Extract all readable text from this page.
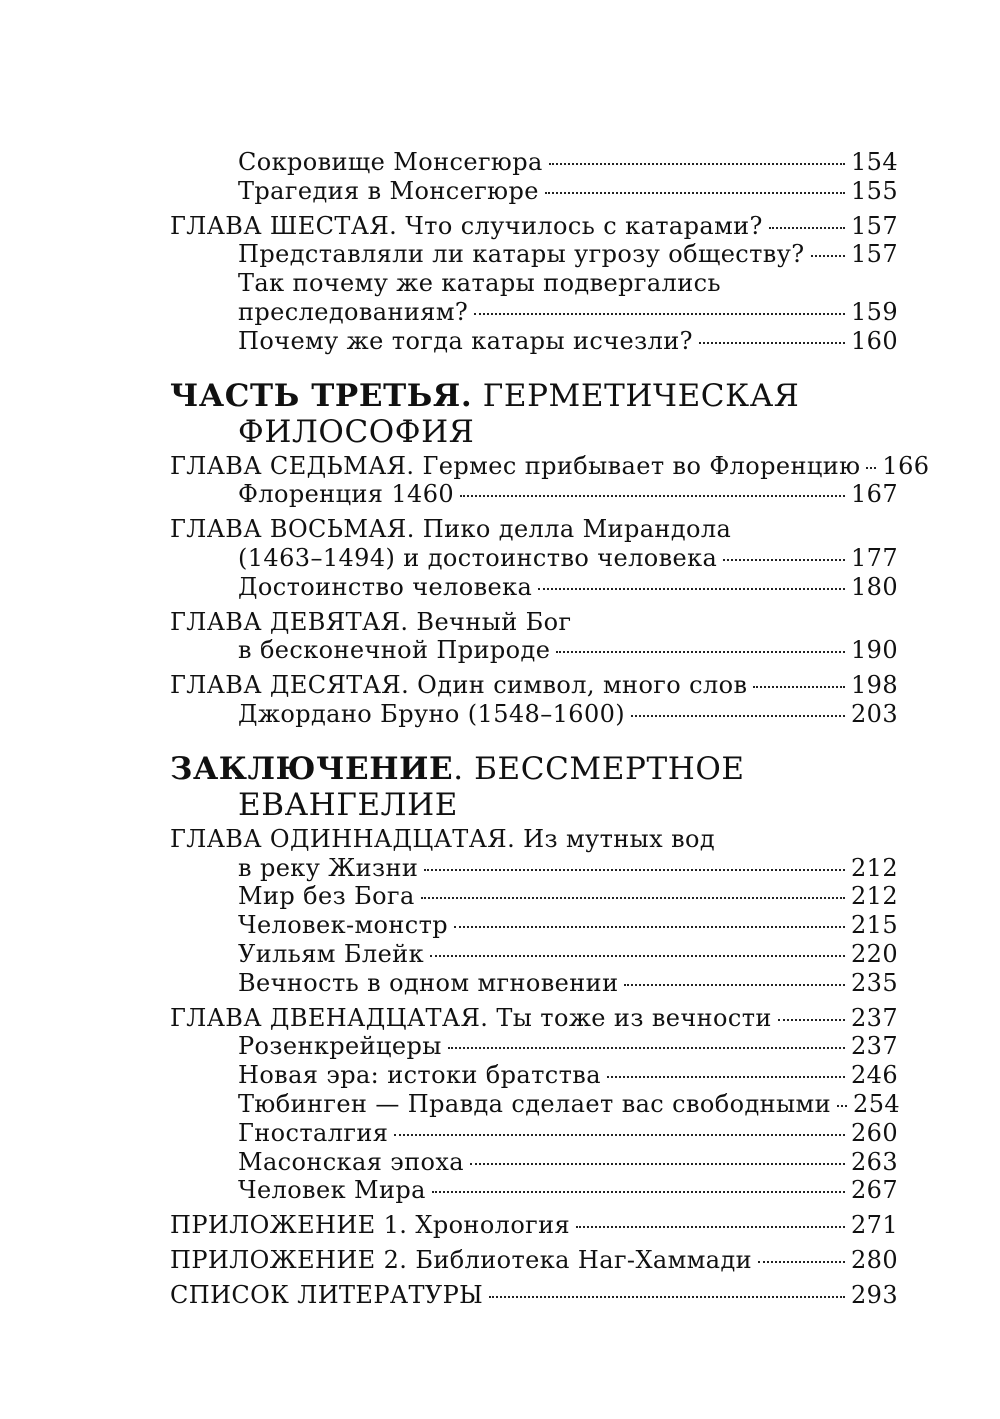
Сокровище Монсегюра	154
Трагедия в Монсегюре	155
ГЛАВА ШЕСТАЯ. Что случилось с катарами?	157
Представляли ли катары угрозу обществу? 157
Так почему же катары подвергались
преследованиям?	159
Почему же тогда катары исчезли?	160
ЧАСТЬ ТРЕТЬЯ. ГЕРМЕТИЧЕСКАЯ
ФИЛОСОФИЯ
ГЛАВА СЕДЬМАЯ. Гермес прибывает во Флоренцию 166
Флоренция 1460	167
ГЛАВА ВОСЬМАЯ. Пико делла Мирандола
(1463–1494) и достоинство человека	177
Достоинство человека	180
ГЛАВА ДЕВЯТАЯ. Вечный Бог
в бесконечной Природе	190
ГЛАВА ДЕСЯТАЯ. Один символ, много слов	198
Джордано Бруно (1548–1600)	203
ЗАКЛЮЧЕНИЕ. БЕССМЕРТНОЕ
ЕВАНГЕЛИЕ
ГЛАВА ОДИННАДЦАТАЯ. Из мутных вод
в реку Жизни	212
Мир без Бога	212
Человек-монстр	215
Уильям Блейк	220
Вечность в одном мгновении	235
ГЛАВА ДВЕНАДЦАТАЯ. Ты тоже из вечности	237
Розенкрейцеры	237
Новая эра: истоки братства	246
Тюбинген — Правда сделает вас свободными 254
Гносталгия	260
Масонская эпоха	263
Человек Мира	267
ПРИЛОЖЕНИЕ 1. Хронология	271
ПРИЛОЖЕНИЕ 2. Библиотека Наг-Хаммади	280
СПИСОК ЛИТЕРАТУРЫ	293
